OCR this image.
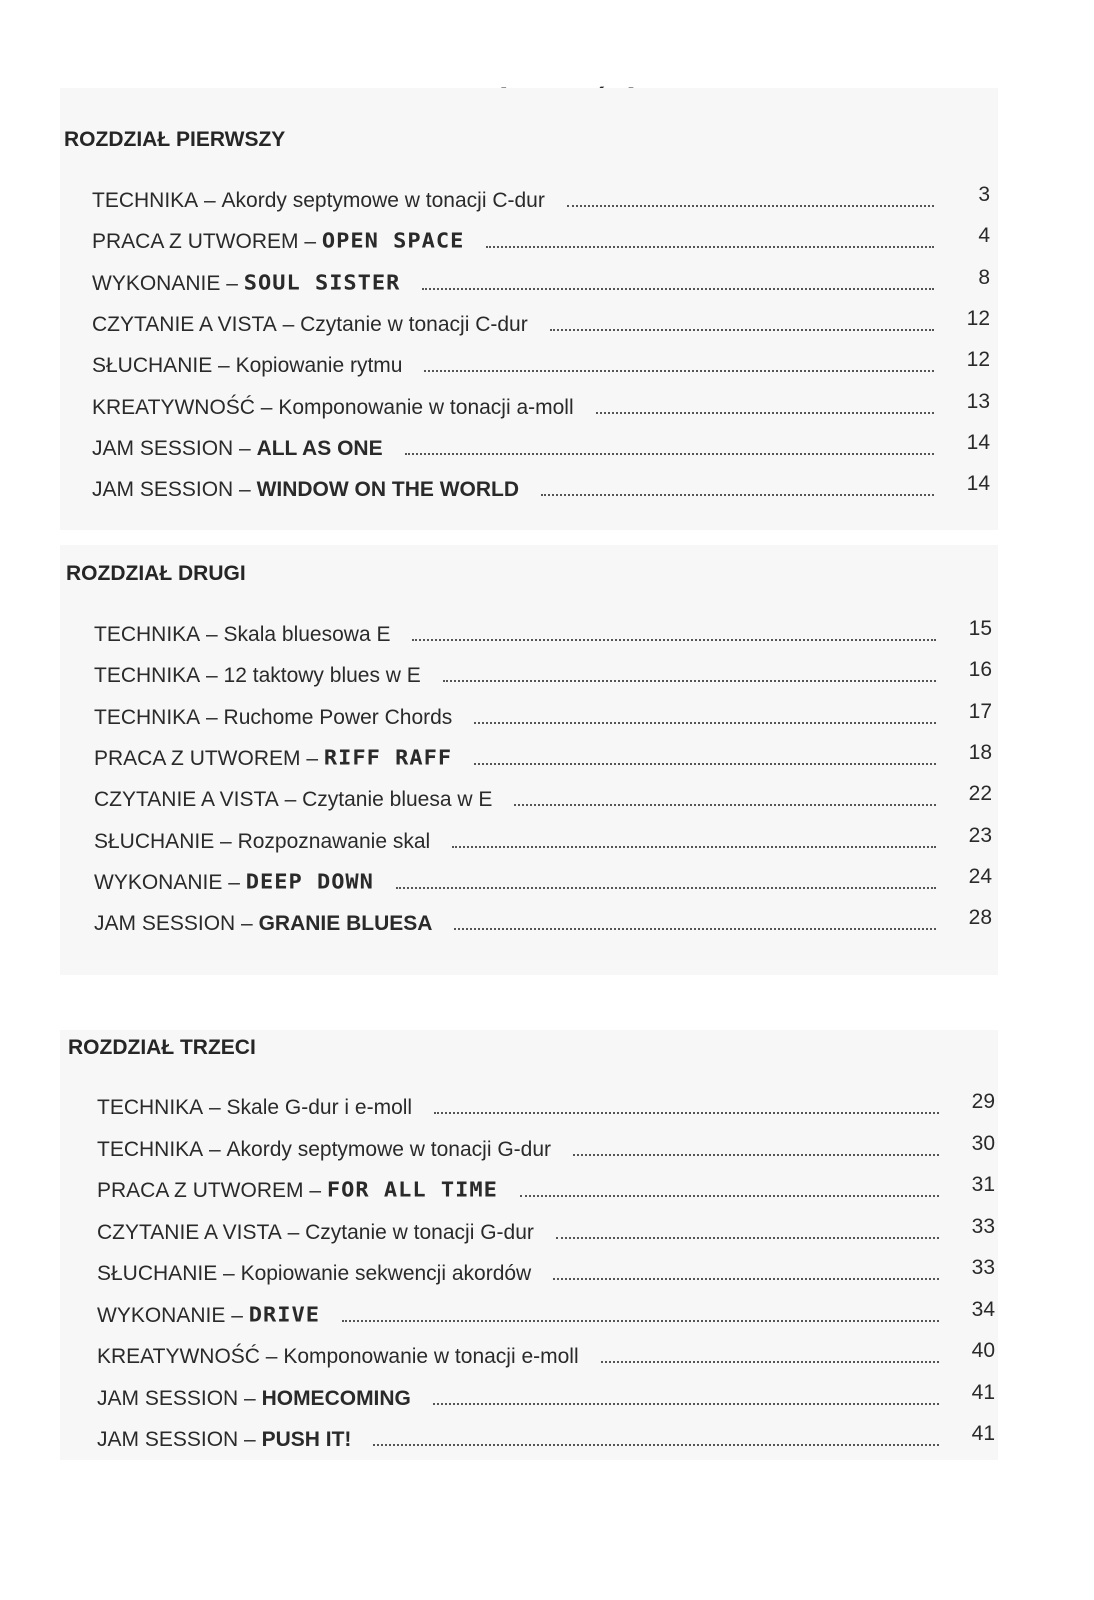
ROZDZIAŁ PIERWSZY
TECHNIKA – Akordy septymowe w tonacji C-dur	3
PRACA Z UTWOREM – OPEN SPACE	4
WYKONANIE – SOUL SISTER	8
CZYTANIE A VISTA – Czytanie w tonacji C-dur	12
SŁUCHANIE – Kopiowanie rytmu	12
KREATYWNOŚĆ – Komponowanie w tonacji a-moll	13
JAM SESSION – ALL AS ONE	14
JAM SESSION – WINDOW ON THE WORLD	14
ROZDZIAŁ DRUGI
TECHNIKA – Skala bluesowa E	15
TECHNIKA – 12 taktowy blues w E	16
TECHNIKA – Ruchome Power Chords	17
PRACA Z UTWOREM – RIFF RAFF	18
CZYTANIE A VISTA – Czytanie bluesa w E	22
SŁUCHANIE – Rozpoznawanie skal	23
WYKONANIE – DEEP DOWN	24
JAM SESSION – GRANIE BLUESA	28
ROZDZIAŁ TRZECI
TECHNIKA – Skale G-dur i e-moll	29
TECHNIKA – Akordy septymowe w tonacji G-dur	30
PRACA Z UTWOREM – FOR ALL TIME	31
CZYTANIE A VISTA – Czytanie w tonacji G-dur	33
SŁUCHANIE – Kopiowanie sekwencji akordów	33
WYKONANIE – DRIVE	34
KREATYWNOŚĆ – Komponowanie w tonacji e-moll	40
JAM SESSION – HOMECOMING	41
JAM SESSION – PUSH IT!	41
